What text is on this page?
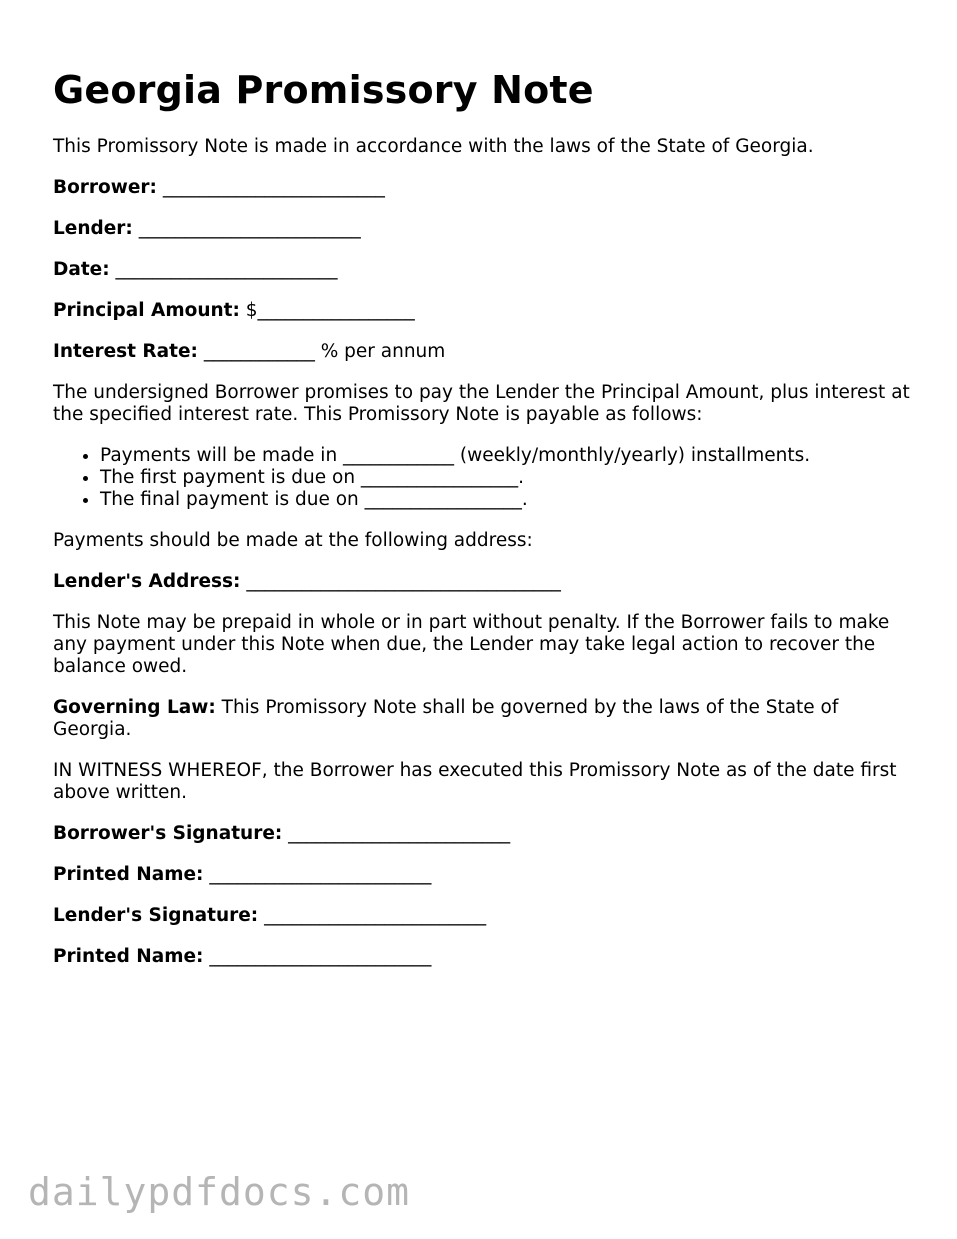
Georgia Promissory Note

This Promissory Note is made in accordance with the laws of the State of Georgia.

Borrower: ________________________
Lender: ________________________
Date: ________________________
Principal Amount: $_________________
Interest Rate: ____________ % per annum

The undersigned Borrower promises to pay the Lender the Principal Amount, plus interest at the specified interest rate. This Promissory Note is payable as follows:

• Payments will be made in ____________ (weekly/monthly/yearly) installments.
• The first payment is due on _________________.
• The final payment is due on _________________.

Payments should be made at the following address:

Lender's Address: __________________________________

This Note may be prepaid in whole or in part without penalty. If the Borrower fails to make any payment under this Note when due, the Lender may take legal action to recover the balance owed.

Governing Law: This Promissory Note shall be governed by the laws of the State of Georgia.

IN WITNESS WHEREOF, the Borrower has executed this Promissory Note as of the date first above written.

Borrower's Signature: ________________________
Printed Name: ________________________
Lender's Signature: ________________________
Printed Name: ________________________
dailypdfdocs.com
